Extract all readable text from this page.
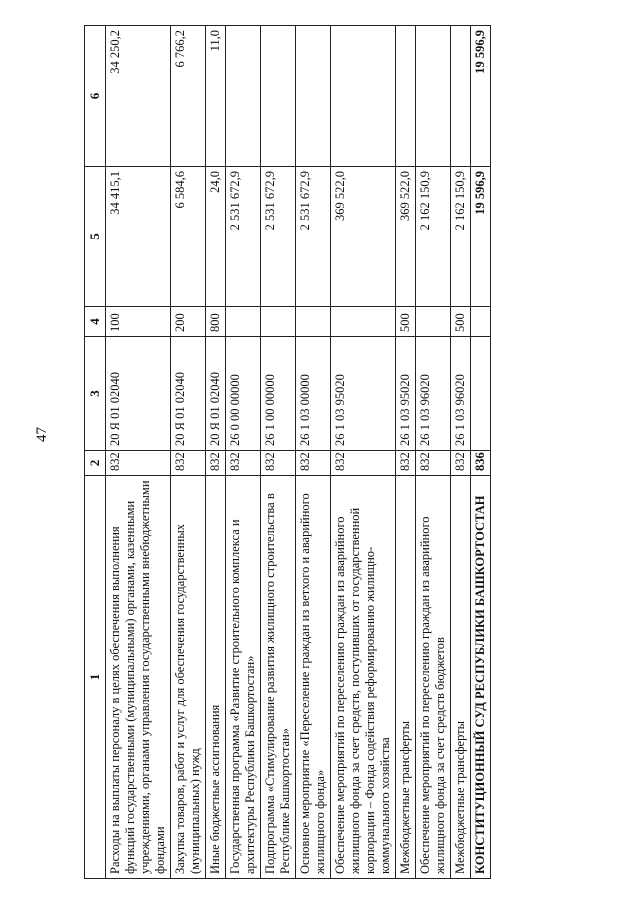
47
1	2	3	4	5	6
Расходы на выплаты персоналу в целях обеспечения выполнения функций государственными (муниципальными) органами, казенными учреждениями, органами управления государственными внебюджетными фондами	832	20 Я 01 02040	100	34 415,1	34 250,2
Закупка товаров, работ и услуг для обеспечения государственных (муниципальных) нужд	832	20 Я 01 02040	200	6 584,6	6 766,2
Иные бюджетные ассигнования	832	20 Я 01 02040	800	24,0	11,0
Государственная программа «Развитие строительного комплекса и архитектуры Республики Башкортостан»	832	26 0 00 00000		2 531 672,9	
Подпрограмма «Стимулирование развития жилищного строительства в Республике Башкортостан»	832	26 1 00 00000		2 531 672,9	
Основное мероприятие «Переселение граждан из ветхого и аварийного жилищного фонда»	832	26 1 03 00000		2 531 672,9	
Обеспечение мероприятий по переселению граждан из аварийного жилищного фонда за счет средств, поступивших от государственной корпорации – Фонда содействия реформированию жилищно-коммунального хозяйства	832	26 1 03 95020		369 522,0	
Межбюджетные трансферты	832	26 1 03 95020	500	369 522,0	
Обеспечение мероприятий по переселению граждан из аварийного жилищного фонда за счет средств бюджетов	832	26 1 03 96020		2 162 150,9	
Межбюджетные трансферты	832	26 1 03 96020	500	2 162 150,9	
КОНСТИТУЦИОННЫЙ СУД РЕСПУБЛИКИ БАШКОРТОСТАН	836			19 596,9	19 596,9
